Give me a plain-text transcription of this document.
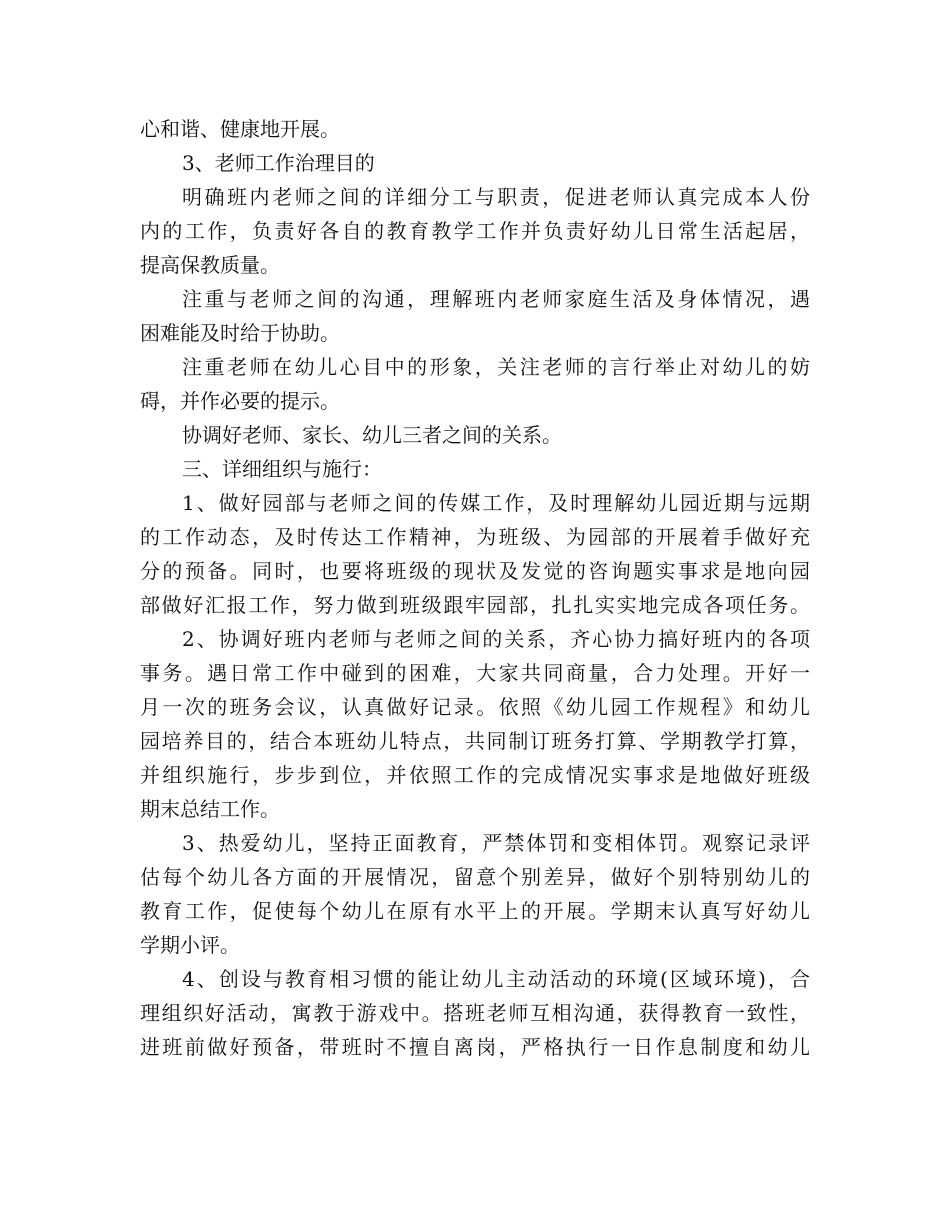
心和谐、健康地开展。
3、老师工作治理目的
明确班内老师之间的详细分工与职责，促进老师认真完成本人份
内的工作，负责好各自的教育教学工作并负责好幼儿日常生活起居，
提高保教质量。
注重与老师之间的沟通，理解班内老师家庭生活及身体情况，遇
困难能及时给于协助。
注重老师在幼儿心目中的形象，关注老师的言行举止对幼儿的妨
碍，并作必要的提示。
协调好老师、家长、幼儿三者之间的关系。
三、详细组织与施行：
1、做好园部与老师之间的传媒工作，及时理解幼儿园近期与远期
的工作动态，及时传达工作精神，为班级、为园部的开展着手做好充
分的预备。同时，也要将班级的现状及发觉的咨询题实事求是地向园
部做好汇报工作，努力做到班级跟牢园部，扎扎实实地完成各项任务。
2、协调好班内老师与老师之间的关系，齐心协力搞好班内的各项
事务。遇日常工作中碰到的困难，大家共同商量，合力处理。开好一
月一次的班务会议，认真做好记录。依照《幼儿园工作规程》和幼儿
园培养目的，结合本班幼儿特点，共同制订班务打算、学期教学打算，
并组织施行，步步到位，并依照工作的完成情况实事求是地做好班级
期末总结工作。
3、热爱幼儿，坚持正面教育，严禁体罚和变相体罚。观察记录评
估每个幼儿各方面的开展情况，留意个别差异，做好个别特别幼儿的
教育工作，促使每个幼儿在原有水平上的开展。学期末认真写好幼儿
学期小评。
4、创设与教育相习惯的能让幼儿主动活动的环境(区域环境)，合
理组织好活动，寓教于游戏中。搭班老师互相沟通，获得教育一致性，
进班前做好预备，带班时不擅自离岗，严格执行一日作息制度和幼儿
